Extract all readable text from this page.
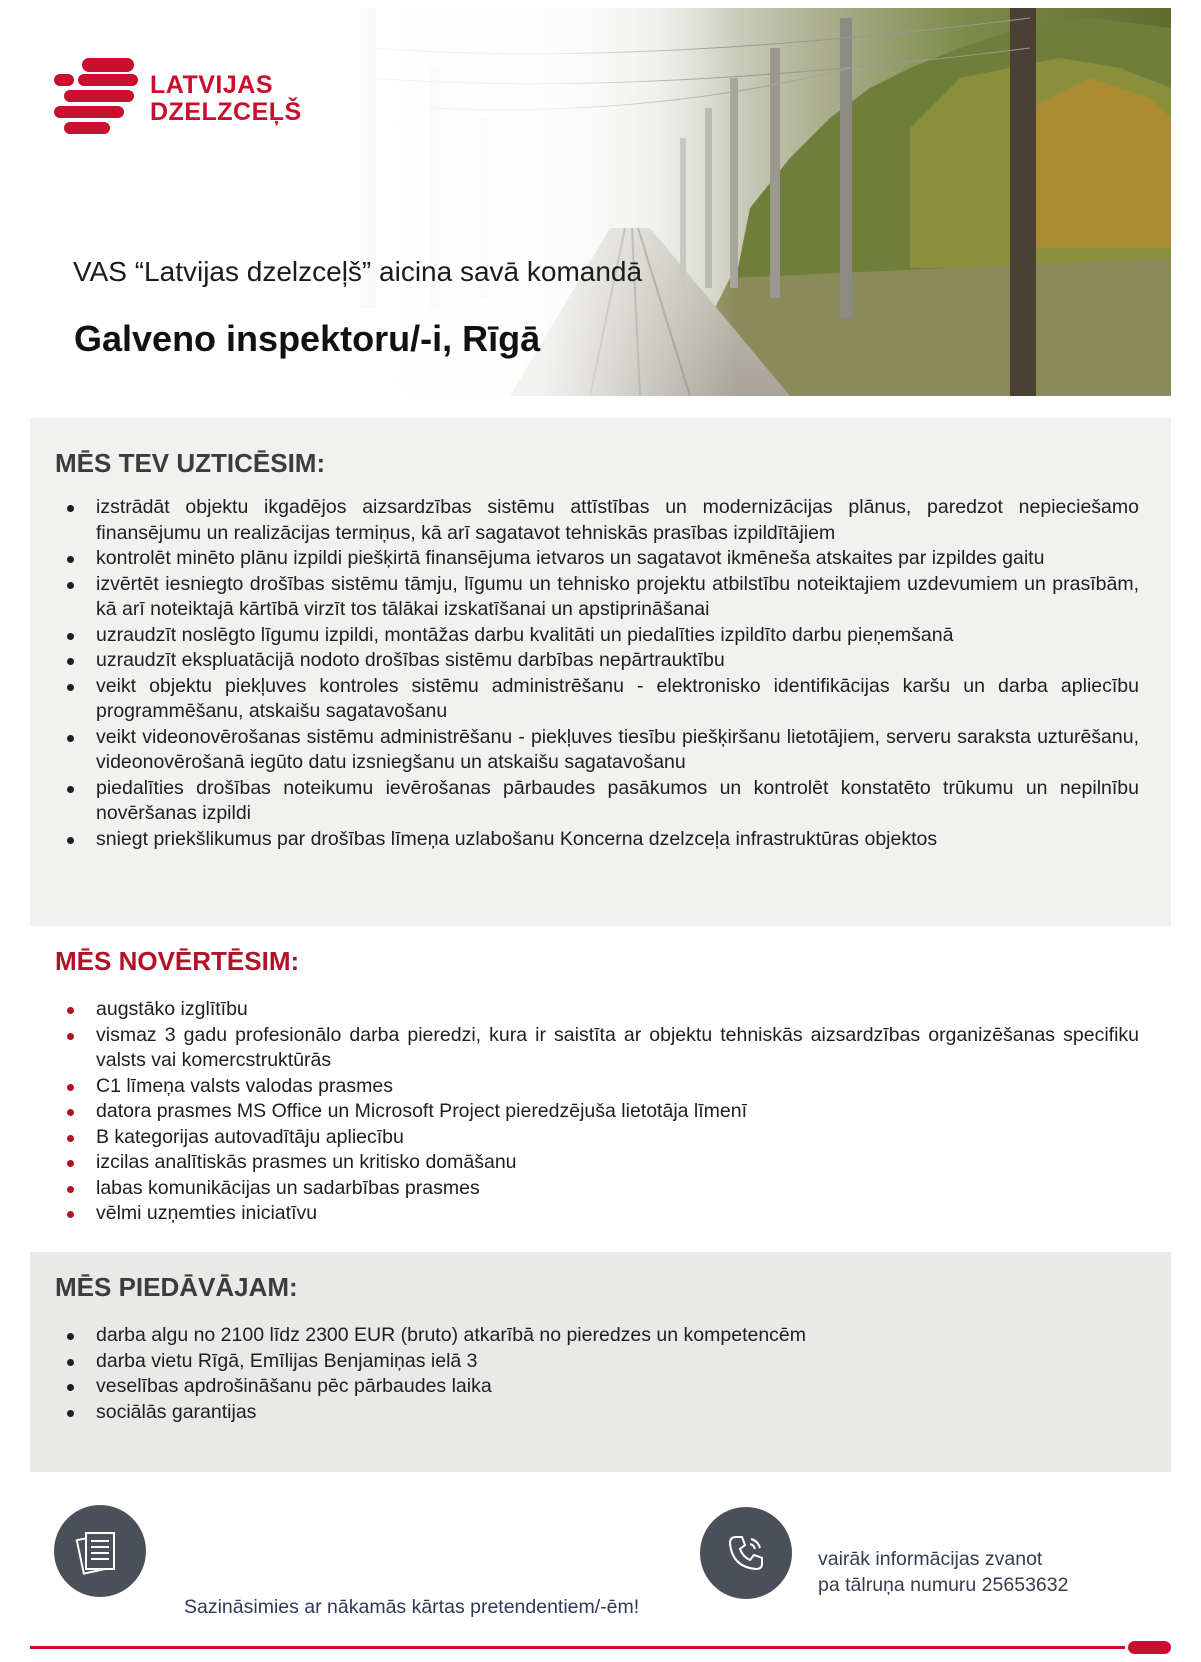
LATVIJAS
DZELZCEĻŠ
VAS “Latvijas dzelzceļš” aicina savā komandā
Galveno inspektoru/-i, Rīgā
MĒS TEV UZTICĒSIM:
izstrādāt objektu ikgadējos aizsardzības sistēmu attīstības un modernizācijas plānus, paredzot nepieciešamo finansējumu un realizācijas termiņus, kā arī sagatavot tehniskās prasības izpildītājiem
kontrolēt minēto plānu izpildi piešķirtā finansējuma ietvaros un sagatavot ikmēneša atskaites par izpildes gaitu
izvērtēt iesniegto drošības sistēmu tāmju, līgumu un tehnisko projektu atbilstību noteiktajiem uzdevumiem un prasībām, kā arī noteiktajā kārtībā virzīt tos tālākai izskatīšanai un apstiprināšanai
uzraudzīt noslēgto līgumu izpildi, montāžas darbu kvalitāti un piedalīties izpildīto darbu pieņemšanā
uzraudzīt ekspluatācijā nodoto drošības sistēmu darbības nepārtrauktību
veikt objektu piekļuves kontroles sistēmu administrēšanu - elektronisko identifikācijas karšu un darba apliecību programmēšanu, atskaišu sagatavošanu
veikt videonovērošanas sistēmu administrēšanu - piekļuves tiesību piešķiršanu lietotājiem, serveru saraksta uzturēšanu, videonovērošanā iegūto datu izsniegšanu un atskaišu sagatavošanu
piedalīties drošības noteikumu ievērošanas pārbaudes pasākumos un kontrolēt konstatēto trūkumu un nepilnību novēršanas izpildi
sniegt priekšlikumus par drošības līmeņa uzlabošanu Koncerna dzelzceļa infrastruktūras objektos
MĒS NOVĒRTĒSIM:
augstāko izglītību
vismaz 3 gadu profesionālo darba pieredzi, kura ir saistīta ar objektu tehniskās aizsardzības organizēšanas specifiku valsts vai komercstruktūrās
C1 līmeņa valsts valodas prasmes
datora prasmes MS Office un Microsoft Project pieredzējuša lietotāja līmenī
B kategorijas autovadītāju apliecību
izcilas analītiskās prasmes un kritisko domāšanu
labas komunikācijas un sadarbības prasmes
vēlmi uzņemties iniciatīvu
MĒS PIEDĀVĀJAM:
darba algu no 2100 līdz 2300 EUR (bruto) atkarībā no pieredzes un kompetencēm
darba vietu Rīgā, Emīlijas Benjamiņas ielā 3
veselības apdrošināšanu pēc pārbaudes laika
sociālās garantijas
vairāk informācijas zvanot
pa tālruņa numuru 25653632
Sazināsimies ar nākamās kārtas pretendentiem/-ēm!
